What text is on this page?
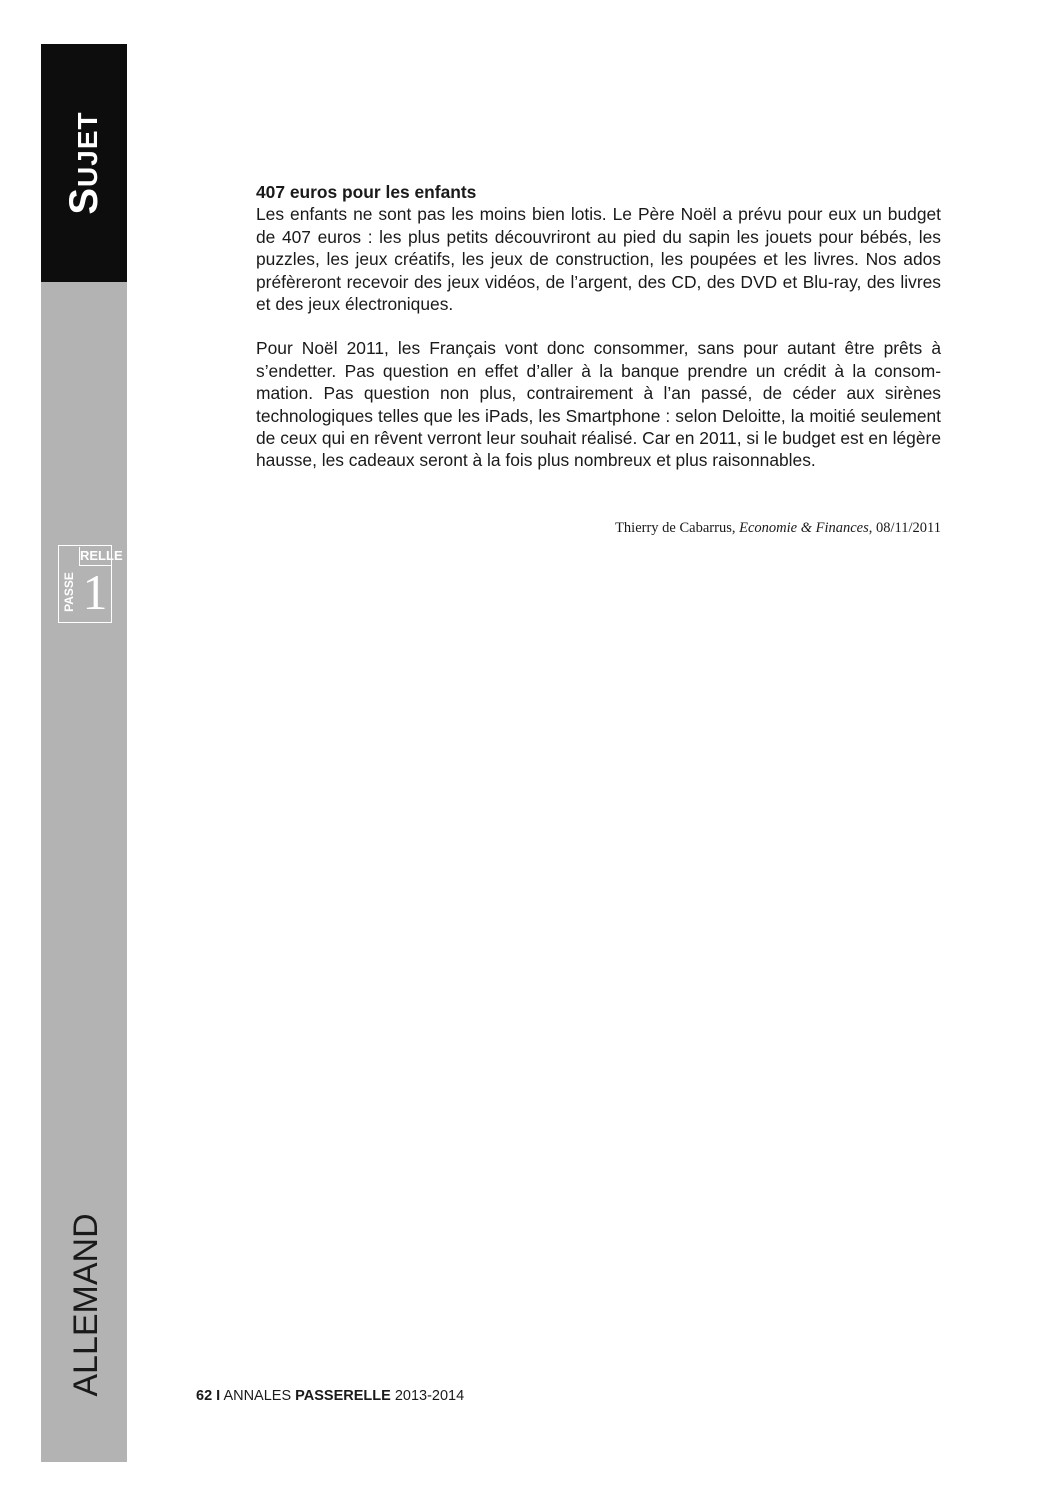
Sujet
ALLEMAND
RELLE
PASSE 1
407 euros pour les enfants

Les enfants ne sont pas les moins bien lotis. Le Père Noël a prévu pour eux un budget de 407 euros : les plus petits découvriront au pied du sapin les jouets pour bébés, les puzzles, les jeux créatifs, les jeux de construction, les poupées et les livres. Nos ados préfèreront recevoir des jeux vidéos, de l’argent, des CD, des DVD et Blu-ray, des livres et des jeux électroniques.

Pour Noël 2011, les Français vont donc consommer, sans pour autant être prêts à s’endetter. Pas question en effet d’aller à la banque prendre un crédit à la consommation. Pas question non plus, contrairement à l’an passé, de céder aux sirènes technologiques telles que les iPads, les Smartphone : selon Deloitte, la moitié seulement de ceux qui en rêvent verront leur souhait réalisé. Car en 2011, si le budget est en légère hausse, les cadeaux seront à la fois plus nombreux et plus raisonnables.

Thierry de Cabarrus, Economie & Finances, 08/11/2011
62 I ANNALES PASSERELLE 2013-2014
